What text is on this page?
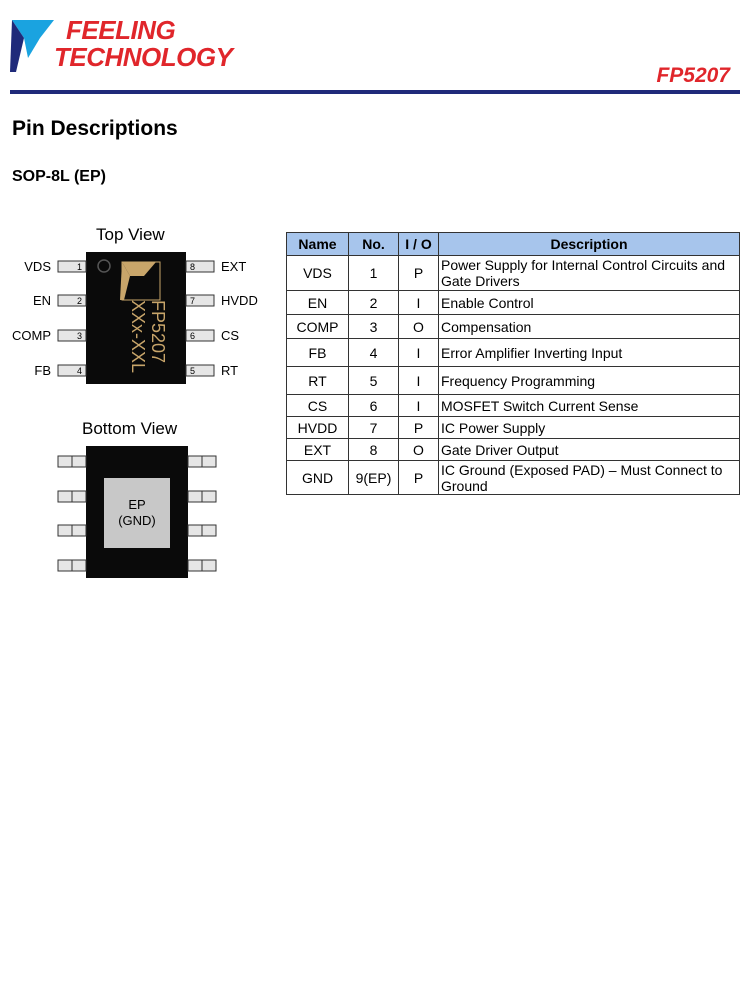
FEELING
TECHNOLOGY
FP5207
Pin Descriptions
SOP-8L (EP)
Top View
1
2
3
4
8
7
6
5
FP5207
XXx-XXL
Bottom View
EP
(GND)
VDS
EN
COMP
FB
EXT
HVDD
CS
RT
Name	No.	I / O	Description
VDS	1	P	Power Supply for Internal Control Circuits and Gate Drivers
EN	2	I	Enable Control
COMP	3	O	Compensation
FB	4	I	Error Amplifier Inverting Input
RT	5	I	Frequency Programming
CS	6	I	MOSFET Switch Current Sense
HVDD	7	P	IC Power Supply
EXT	8	O	Gate Driver Output
GND	9(EP)	P	IC Ground (Exposed PAD) – Must Connect to Ground
